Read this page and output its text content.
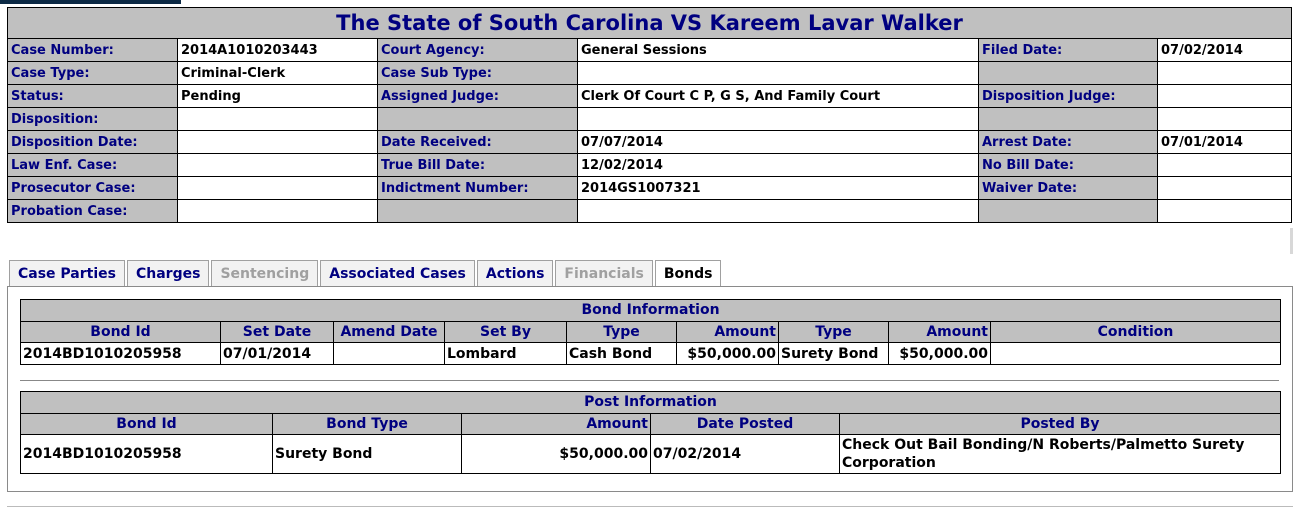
The State of South Carolina VS Kareem Lavar Walker					
Case Number:	2014A1010203443	Court Agency:	General Sessions	Filed Date:	07/02/2014
Case Type:	Criminal-Clerk	Case Sub Type:			
Status:	Pending	Assigned Judge:	Clerk Of Court C P, G S, And Family Court	Disposition Judge:	
Disposition:					
Disposition Date:		Date Received:	07/07/2014	Arrest Date:	07/01/2014
Law Enf. Case:		True Bill Date:	12/02/2014	No Bill Date:	
Prosecutor Case:		Indictment Number:	2014GS1007321	Waiver Date:	
Probation Case:					
Case Parties	Charges	Sentencing	Associated Cases	Actions	Financials	Bonds
Bond Information								
Bond Id	Set Date	Amend Date	Set By	Type	Amount	Type	Amount	Condition
2014BD1010205958	07/01/2014		Lombard	Cash Bond	$50,000.00	Surety Bond	$50,000.00	
Post Information				
Bond Id	Bond Type	Amount	Date Posted	Posted By
2014BD1010205958	Surety Bond	$50,000.00	07/02/2014	Check Out Bail Bonding/N Roberts/Palmetto Surety Corporation
